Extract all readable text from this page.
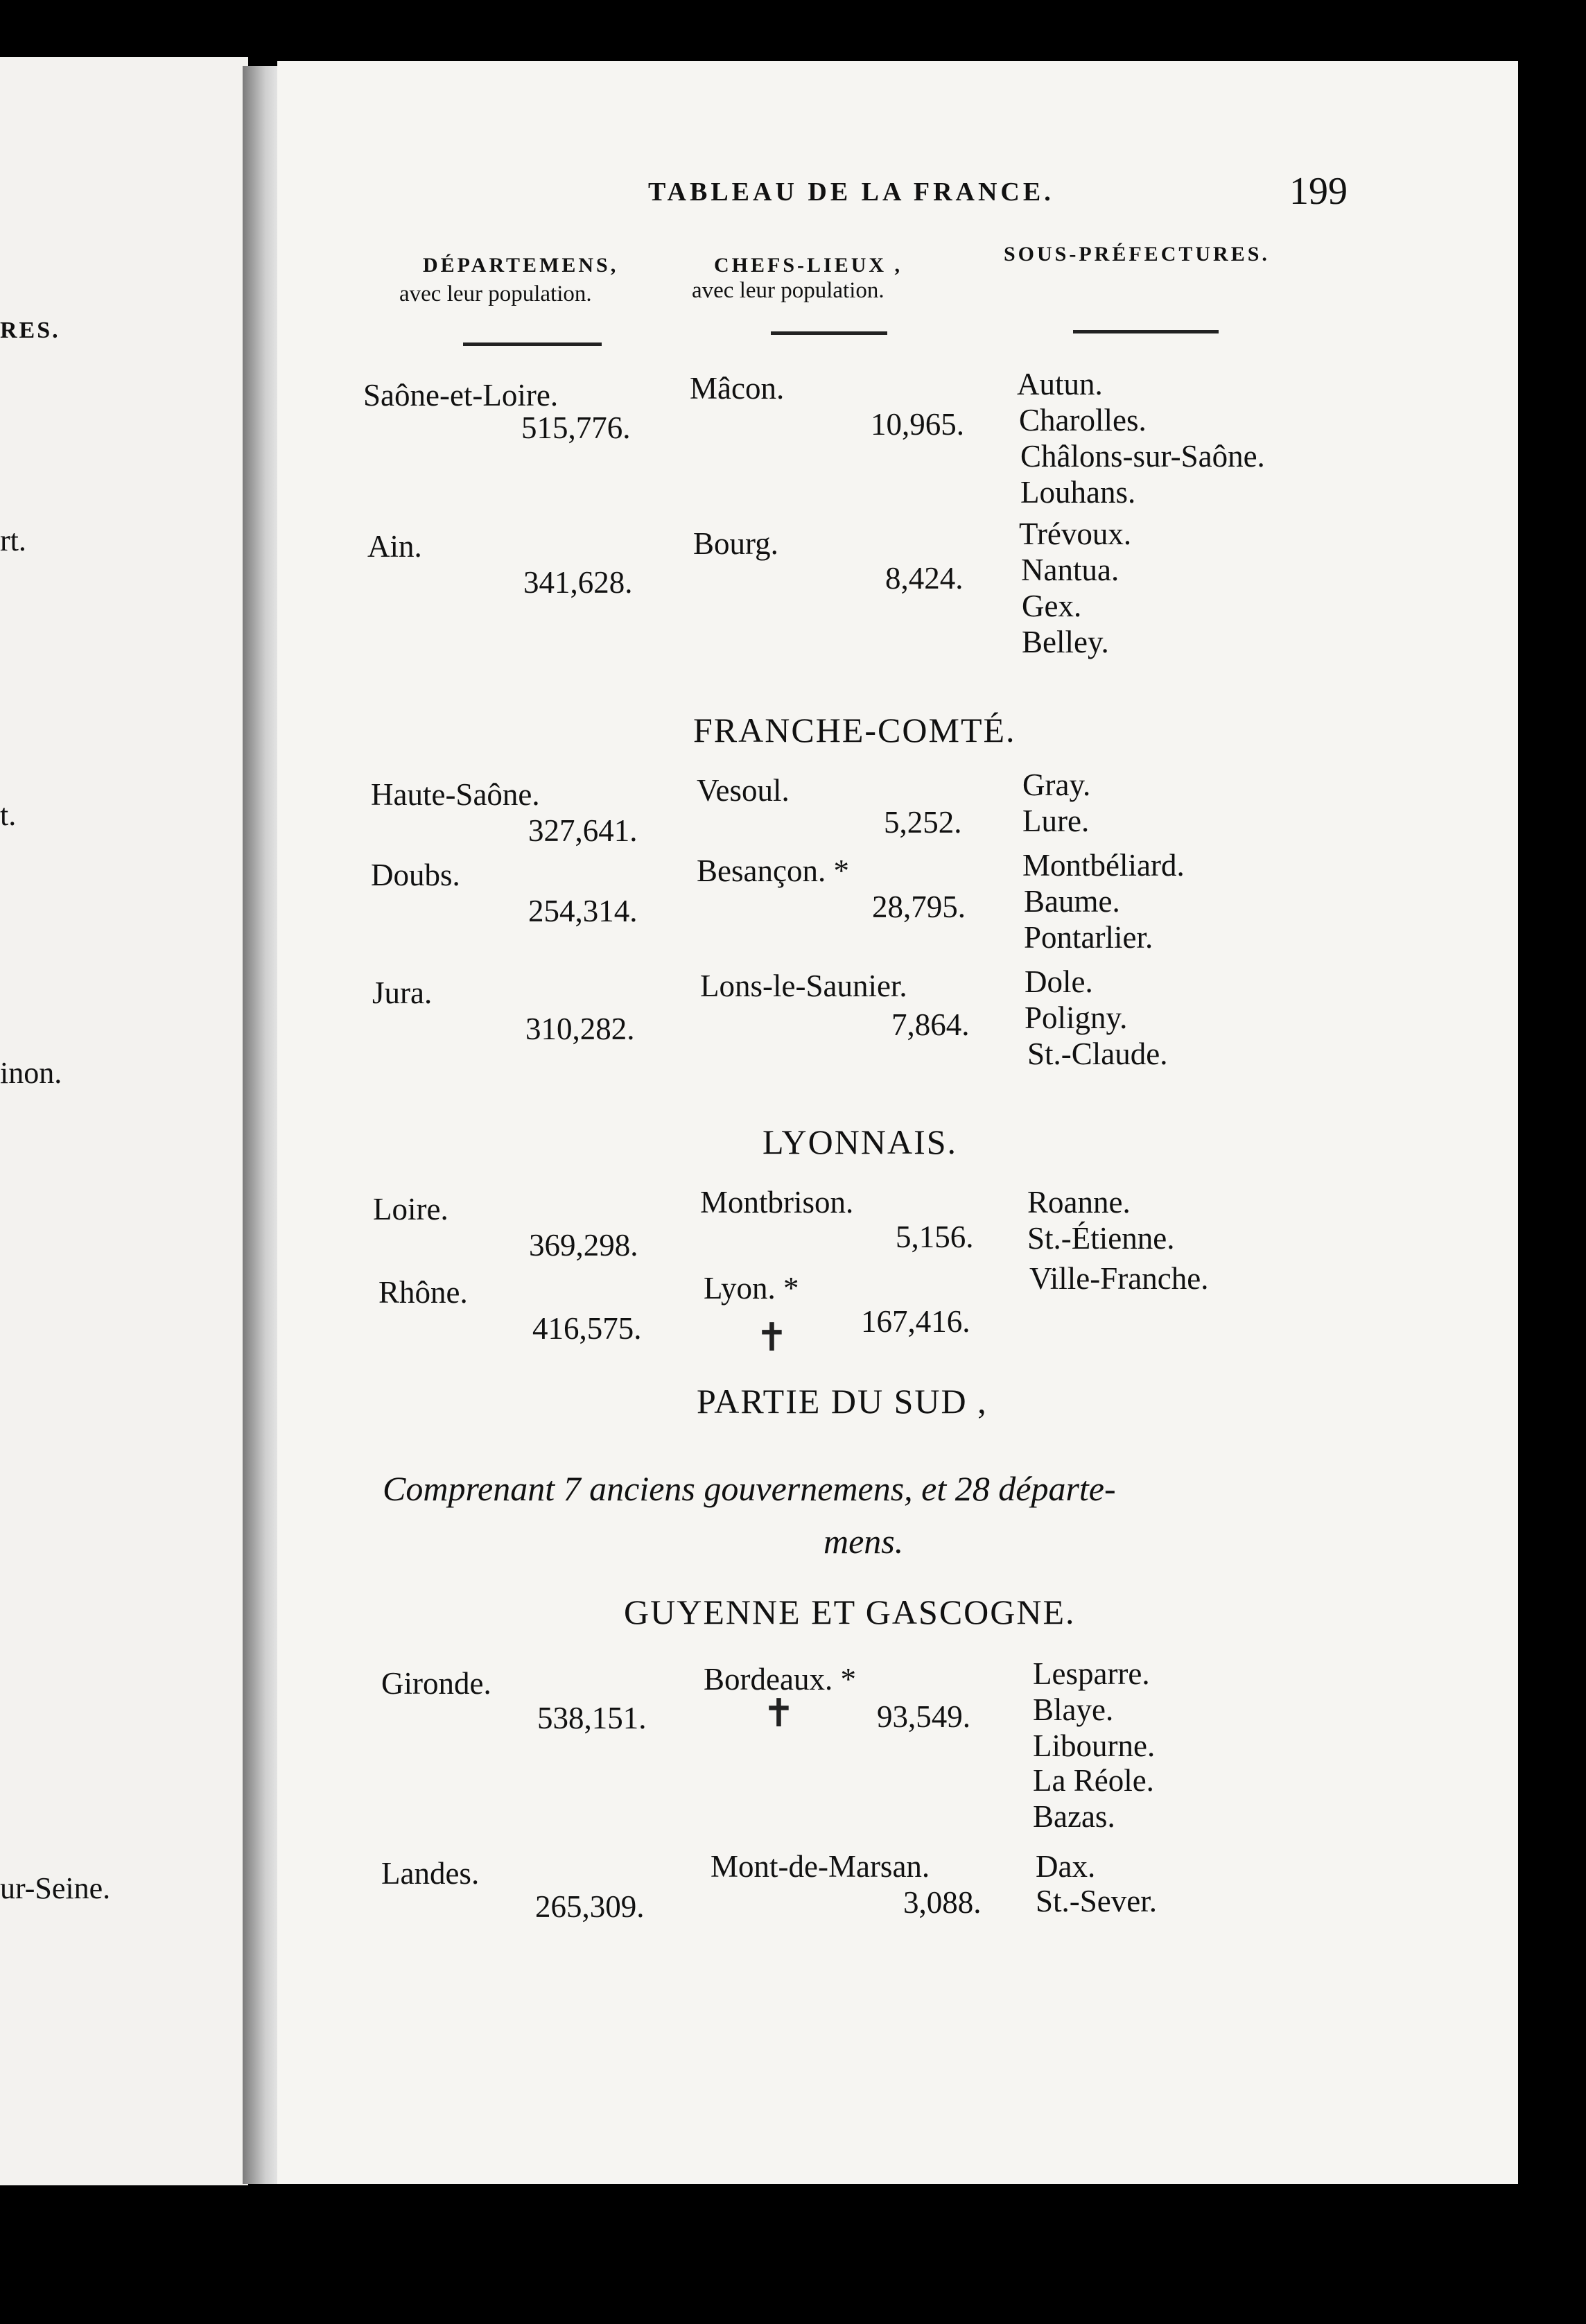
RES.
rt.
t.
inon.
ur-Seine.
TABLEAU DE LA FRANCE.	199
DÉPARTEMENS,
avec leur population.
CHEFS-LIEUX ,
avec leur population.
SOUS-PRÉFECTURES.
Saône-et-Loire.
515,776.
Mâcon.
10,965.
Autun.
Charolles.
Châlons-sur-Saône.
Louhans.
Ain.
341,628.
Bourg.
8,424.
Trévoux.
Nantua.
Gex.
Belley.
FRANCHE-COMTÉ.
Haute-Saône.
327,641.
Vesoul.
5,252.
Gray.
Lure.
Doubs.
254,314.
Besançon. *
28,795.
Montbéliard.
Baume.
Pontarlier.
Jura.
310,282.
Lons-le-Saunier.
7,864.
Dole.
Poligny.
St.-Claude.
LYONNAIS.
Loire.
369,298.
Montbrison.
5,156.
Roanne.
St.-Étienne.
Rhône.
416,575.
Lyon. *
167,416.
Ville-Franche.
✝
PARTIE DU SUD ,
Comprenant 7 anciens gouvernemens, et 28 départe-
mens.
GUYENNE ET GASCOGNE.
Gironde.
538,151.
Bordeaux. *
93,549.
Lesparre.
Blaye.
Libourne.
La Réole.
Bazas.
✝
Landes.
265,309.
Mont-de-Marsan.
3,088.
Dax.
St.-Sever.
